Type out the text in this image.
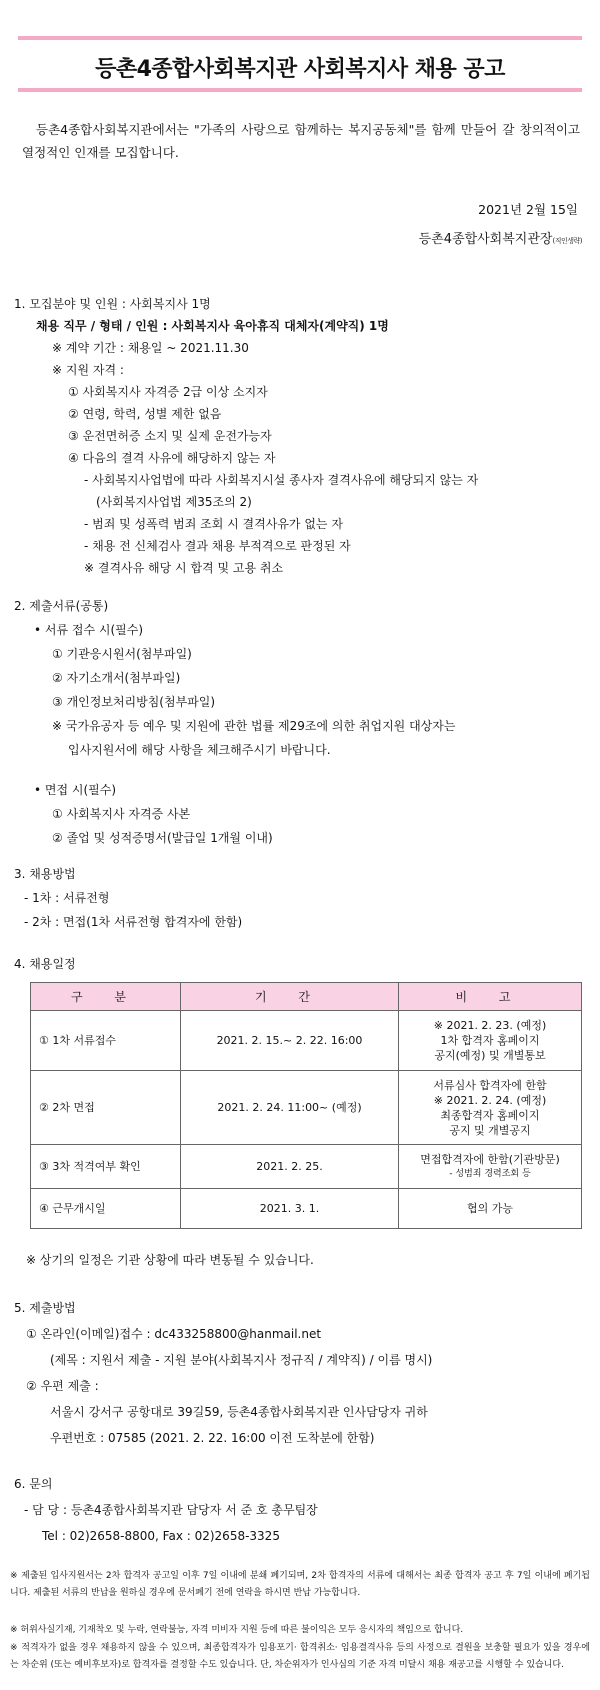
등촌4종합사회복지관 사회복지사 채용 공고
등촌4종합사회복지관에서는 "가족의 사랑으로 함께하는 복지공동체"를 함께 만들어 갈 창의적이고 열정적인 인재를 모집합니다.
2021년 2월 15일
등촌4종합사회복지관장(직인생략)
1. 모집분야 및 인원 : 사회복지사 1명
채용 직무 / 형태 / 인원 : 사회복지사 육아휴직 대체자(계약직) 1명
※ 계약 기간 : 채용일 ~ 2021.11.30
※ 지원 자격 :
① 사회복지사 자격증 2급 이상 소지자
② 연령, 학력, 성별 제한 없음
③ 운전면허증 소지 및 실제 운전가능자
④ 다음의 결격 사유에 해당하지 않는 자
- 사회복지사업법에 따라 사회복지시설 종사자 결격사유에 해당되지 않는 자
(사회복지사업법 제35조의 2)
- 범죄 및 성폭력 범죄 조회 시 결격사유가 없는 자
- 채용 전 신체검사 결과 채용 부적격으로 판정된 자
※ 결격사유 해당 시 합격 및 고용 취소
2. 제출서류(공통)
• 서류 접수 시(필수)
① 기관응시원서(첨부파일)
② 자기소개서(첨부파일)
③ 개인정보처리방침(첨부파일)
※ 국가유공자 등 예우 및 지원에 관한 법률 제29조에 의한 취업지원 대상자는
입사지원서에 해당 사항을 체크해주시기 바랍니다.
• 면접 시(필수)
① 사회복지사 자격증 사본
② 졸업 및 성적증명서(발급일 1개월 이내)
3. 채용방법
- 1차 : 서류전형
- 2차 : 면접(1차 서류전형 합격자에 한함)
4. 채용일정
구 분	기 간	비 고
① 1차 서류접수	2021. 2. 15.~ 2. 22. 16:00	※ 2021. 2. 23. (예정)
1차 합격자 홈페이지
공지(예정) 및 개별통보

② 2차 면접	2021. 2. 24. 11:00~ (예정)	서류심사 합격자에 한함
※ 2021. 2. 24. (예정)
최종합격자 홈페이지
공지 및 개별공지

③ 3차 적격여부 확인	2021. 2. 25.	면접합격자에 한함(기관방문)
- 성범죄 경력조회 등

④ 근무개시일	2021. 3. 1.	협의 가능
※ 상기의 일정은 기관 상황에 따라 변동될 수 있습니다.
5. 제출방법
① 온라인(이메일)접수 : dc433258800@hanmail.net
(제목 : 지원서 제출 - 지원 분야(사회복지사 정규직 / 계약직) / 이름 명시)
② 우편 제출 :
서울시 강서구 공항대로 39길59, 등촌4종합사회복지관 인사담당자 귀하
우편번호 : 07585 (2021. 2. 22. 16:00 이전 도착분에 한함)
6. 문의
- 담 당 : 등촌4종합사회복지관 담당자 서 준 호 총무팀장
Tel : 02)2658-8800, Fax : 02)2658-3325
※ 제출된 입사지원서는 2차 합격자 공고일 이후 7일 이내에 분쇄 폐기되며, 2차 합격자의 서류에 대해서는 최종 합격자 공고 후 7일 이내에 폐기됩니다. 제출된 서류의 반납을 원하실 경우에 문서폐기 전에 연락을 하시면 반납 가능합니다.
※ 허위사실기재, 기재착오 및 누락, 연락불능, 자격 미비자 지원 등에 따른 불이익은 모두 응시자의 책임으로 합니다.
※ 적격자가 없을 경우 채용하지 않을 수 있으며, 최종합격자가 임용포기· 합격취소· 임용결격사유 등의 사정으로 결원을 보충할 필요가 있을 경우에는 차순위 (또는 예비후보자)로 합격자를 결정할 수도 있습니다. 단, 차순위자가 인사심의 기준 자격 미달시 채용 재공고를 시행할 수 있습니다.
